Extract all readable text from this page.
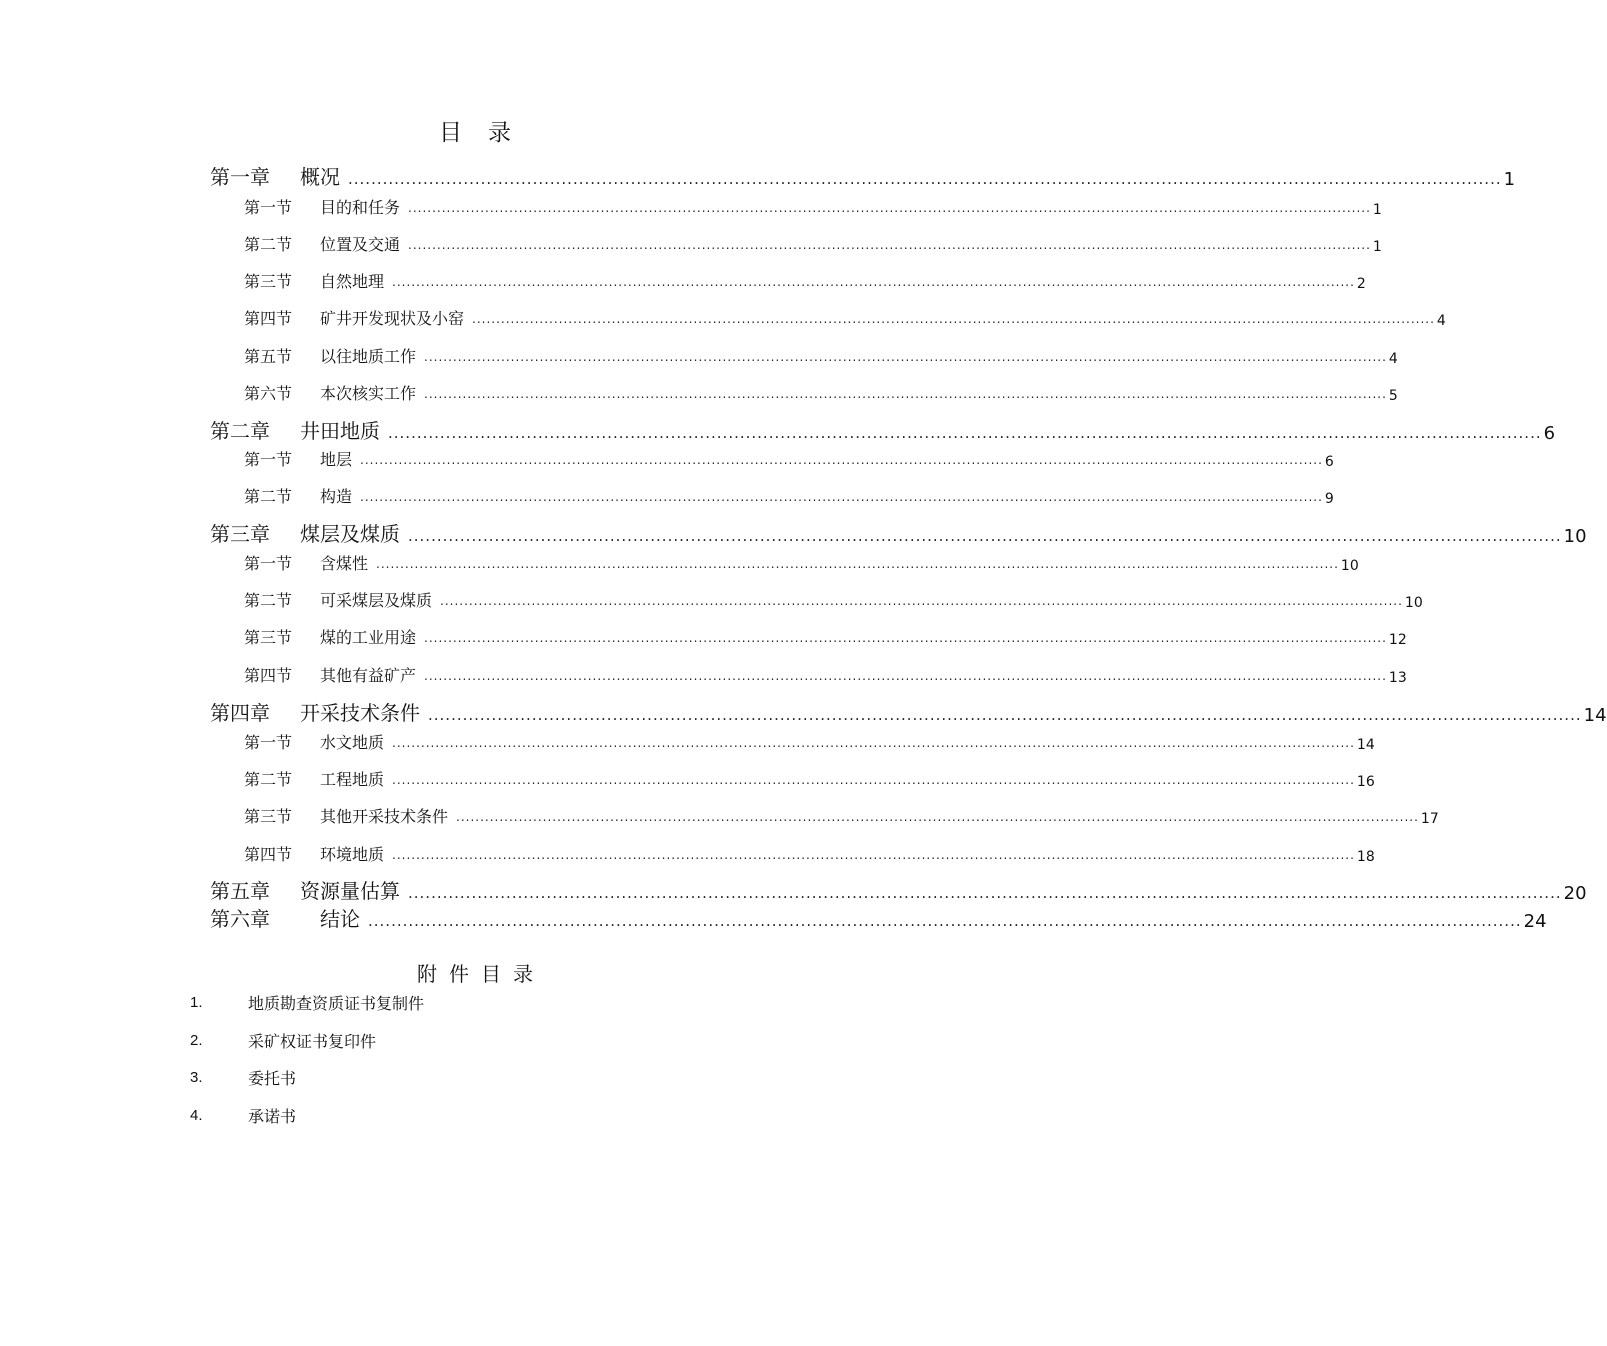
目录
第一章	概况 ........................................................................................................................................................................................................ 1
第一节	目的和任务 ........................................................................................................................................................................................................ 1
第二节	位置及交通 ........................................................................................................................................................................................................ 1
第三节	自然地理 ........................................................................................................................................................................................................ 2
第四节	矿井开发现状及小窑 ........................................................................................................................................................................................................ 4
第五节	以往地质工作 ........................................................................................................................................................................................................ 4
第六节	本次核实工作 ........................................................................................................................................................................................................ 5
第二章	井田地质 ........................................................................................................................................................................................................ 6
第一节	地层 ........................................................................................................................................................................................................ 6
第二节	构造 ........................................................................................................................................................................................................ 9
第三章	煤层及煤质 ........................................................................................................................................................................................................ 10
第一节	含煤性 ........................................................................................................................................................................................................ 10
第二节	可采煤层及煤质 ........................................................................................................................................................................................................ 10
第三节	煤的工业用途 ........................................................................................................................................................................................................ 12
第四节	其他有益矿产 ........................................................................................................................................................................................................ 13
第四章	开采技术条件 ........................................................................................................................................................................................................ 14
第一节	水文地质 ........................................................................................................................................................................................................ 14
第二节	工程地质 ........................................................................................................................................................................................................ 16
第三节	其他开采技术条件 ........................................................................................................................................................................................................ 17
第四节	环境地质 ........................................................................................................................................................................................................ 18
第五章	资源量估算 ........................................................................................................................................................................................................ 20
第六章	结论 ........................................................................................................................................................................................................ 24
附件目录
1.	地质勘查资质证书复制件
2.	采矿权证书复印件
3.	委托书
4.	承诺书
